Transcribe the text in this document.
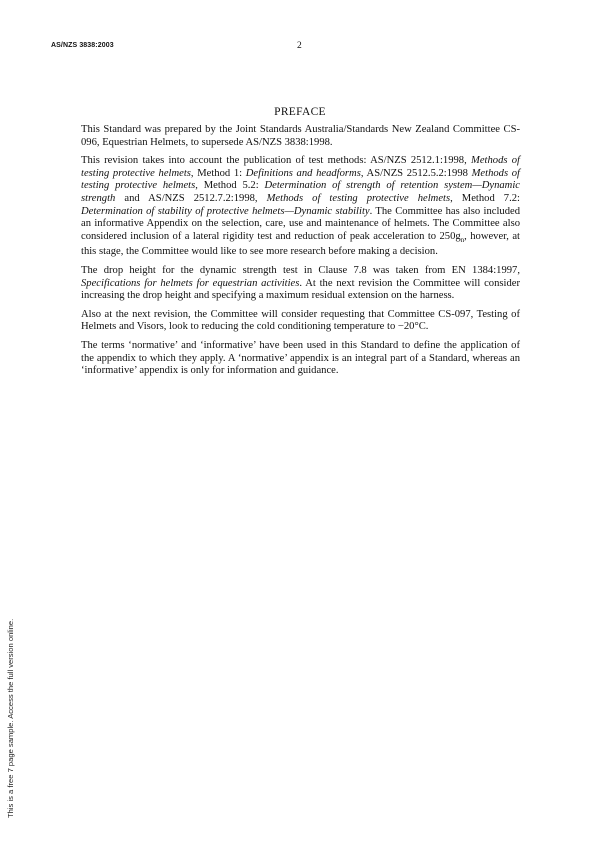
AS/NZS 3838:2003	2
PREFACE

This Standard was prepared by the Joint Standards Australia/Standards New Zealand Committee CS-096, Equestrian Helmets, to supersede AS/NZS 3838:1998.

This revision takes into account the publication of test methods: AS/NZS 2512.1:1998, Methods of testing protective helmets, Method 1: Definitions and headforms, AS/NZS 2512.5.2:1998 Methods of testing protective helmets, Method 5.2: Determination of strength of retention system—Dynamic strength and AS/NZS 2512.7.2:1998, Methods of testing protective helmets, Method 7.2: Determination of stability of protective helmets—Dynamic stability. The Committee has also included an informative Appendix on the selection, care, use and maintenance of helmets. The Committee also considered inclusion of a lateral rigidity test and reduction of peak acceleration to $250g_n$, however, at this stage, the Committee would like to see more research before making a decision.

The drop height for the dynamic strength test in Clause 7.8 was taken from EN 1384:1997, Specifications for helmets for equestrian activities. At the next revision the Committee will consider increasing the drop height and specifying a maximum residual extension on the harness.

Also at the next revision, the Committee will consider requesting that Committee CS-097, Testing of Helmets and Visors, look to reducing the cold conditioning temperature to −20°C.

The terms ‘normative’ and ‘informative’ have been used in this Standard to define the application of the appendix to which they apply. A ‘normative’ appendix is an integral part of a Standard, whereas an ‘informative’ appendix is only for information and guidance.

This is a free 7 page sample. Access the full version online.
